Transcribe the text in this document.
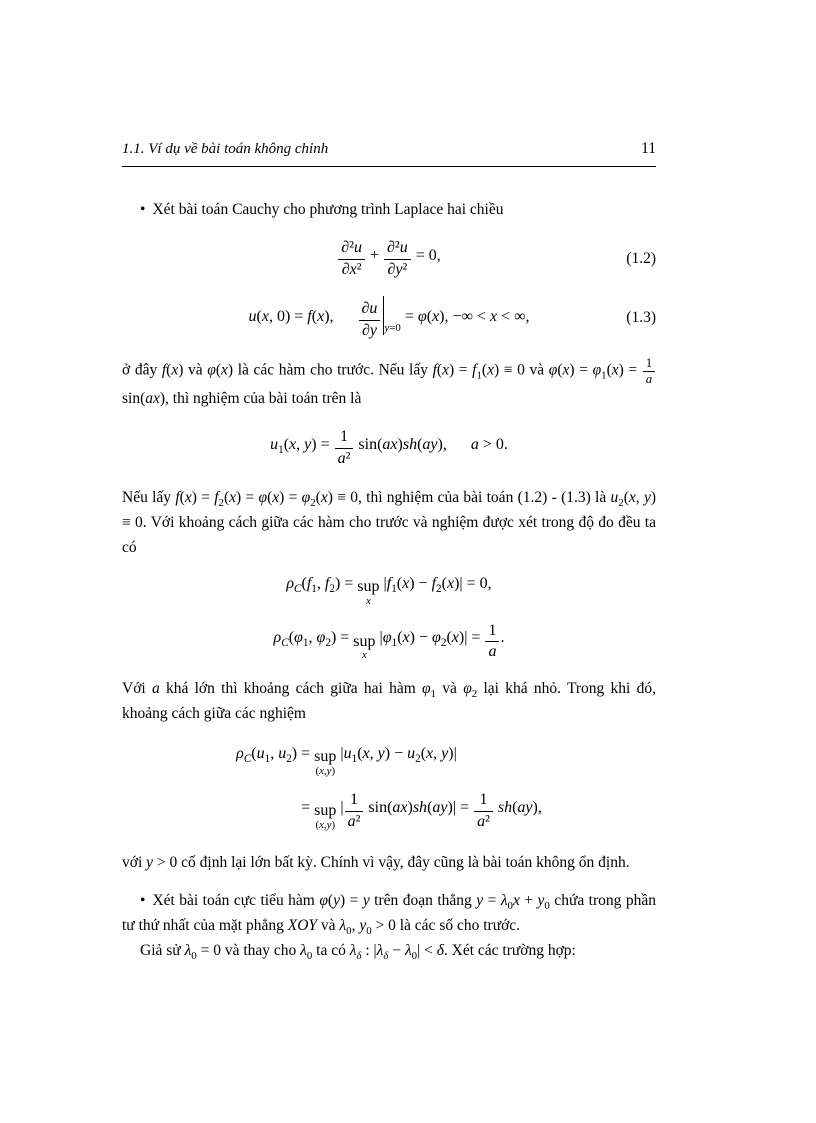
1.1. Ví dụ về bài toán không chỉnh	11

• Xét bài toán Cauchy cho phương trình Laplace hai chiều

$\frac{\text{∂²u}}{\text{∂x²}} + \frac{\text{∂²u}}{\text{∂y²}} = 0$,	(1.2)
u(x, 0) = f(x),   $\frac{\partial u}{\partial y} _{y=0} = \varphi(x)$, −∞ < x < ∞,	(1.3)

ở đây f(x) và φ(x) là các hàm cho trước. Nếu lấy $f(x) = f_1(x) \equiv 0$ và $\varphi(x) = \varphi_1(x) = \frac{1}{a}$
sin(ax), thì nghiệm của bài toán trên là

$u_1(x$, $y) = \frac{1}{\text{a²}} \sin(ax)sh(ay)$,  a > 0.

Nếu lấy $f(x) = f_2(x) = \varphi(x) = \varphi_2(x) \equiv 0$, thì nghiệm của bài toán (1.2) - (1.3) là $u_2(x$, y) ≡ 0. Với khoảng cách giữa các hàm cho trước và nghiệm được xét trong độ đo đều ta có

$\rho_C(f_1$, $f_2$) = sup
x
$|f_1(x) - f_2(x)| = 0$,
$\rho_C(\varphi_1$, $\varphi_2$) = sup
x
$|\varphi_1(x) - \varphi_2(x)| = \frac{1}{a}$ .

Với a khá lớn thì khoảng cách giữa hai hàm $\varphi_1$ và $\varphi_2$ lại khá nhỏ. Trong khi đó, khoảng cách giữa các nghiệm

$\rho_C(u_1$, $u_2$) = sup
(x,y)
$|u_1(x$, $y) - u_2(x$, y)|
= sup
(x,y)
| $\frac{1}{\text{a²}} \sin(ax)sh(ay)| = \frac{1}{\text{a²}} sh(ay)$,

với y > 0 cố định lại lớn bất kỳ. Chính vì vậy, đây cũng là bài toán không ổn định.

• Xét bài toán cực tiểu hàm φ(y) = y trên đoạn thẳng $y = \lambda_0x + y_0$ chứa trong phần tư thứ nhất của mặt phẳng XOY và $\lambda_0$, $y_0 > 0$ là các số cho trước.

Giả sử $\lambda_0 = 0$ và thay cho $\lambda_0$ ta có $\lambda_\delta$ : $|\lambda_\delta - \lambda_0| < \delta$. Xét các trường hợp:
